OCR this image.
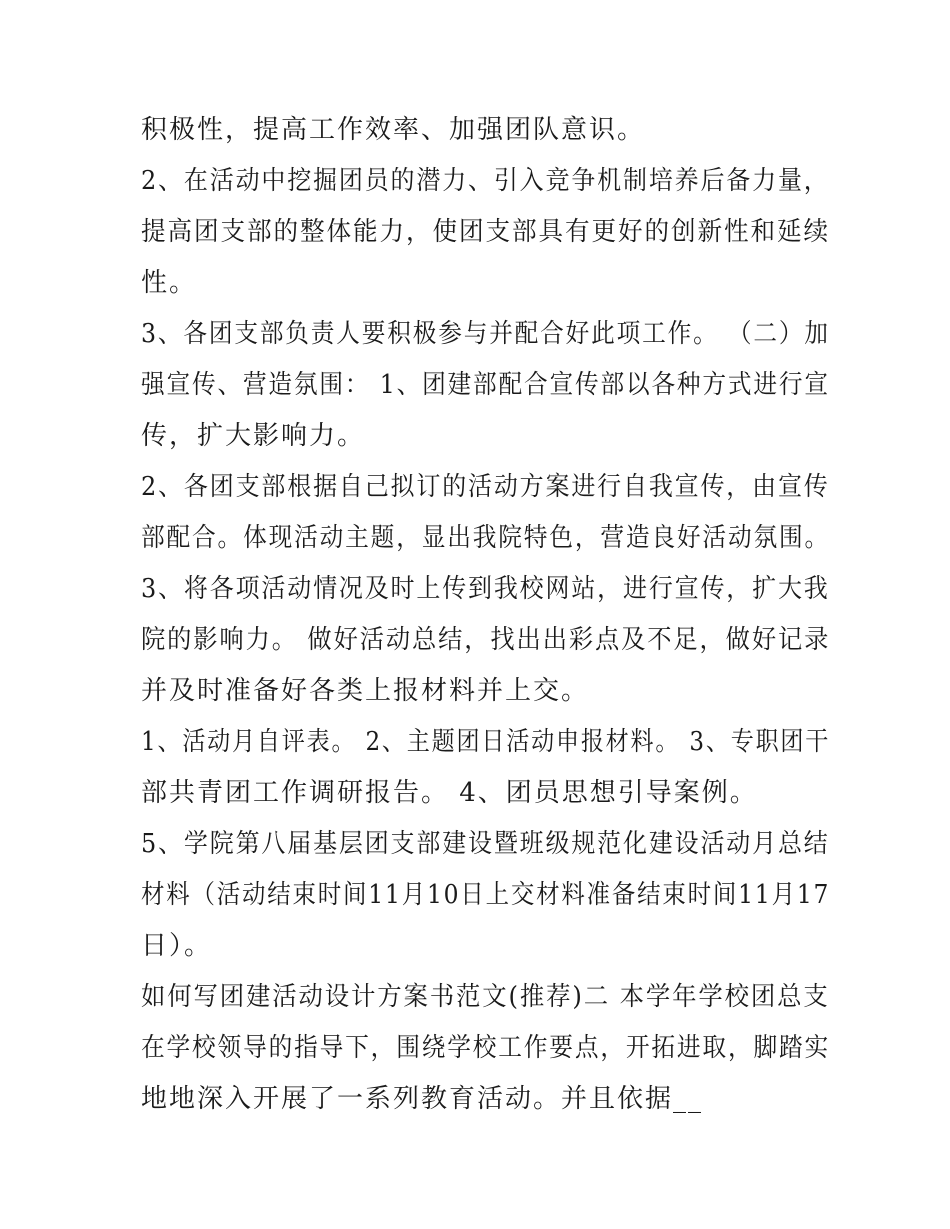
积极性，提高工作效率、加强团队意识。
2、在活动中挖掘团员的潜力、引入竞争机制培养后备力量，
提高团支部的整体能力，使团支部具有更好的创新性和延续
性。
3、各团支部负责人要积极参与并配合好此项工作。 （二）加
强宣传、营造氛围： 1、团建部配合宣传部以各种方式进行宣
传，扩大影响力。
2、各团支部根据自己拟订的活动方案进行自我宣传，由宣传
部配合。体现活动主题，显出我院特色，营造良好活动氛围。
3、将各项活动情况及时上传到我校网站，进行宣传，扩大我
院的影响力。 做好活动总结，找出出彩点及不足，做好记录
并及时准备好各类上报材料并上交。
1、活动月自评表。 2、主题团日活动申报材料。 3、专职团干
部共青团工作调研报告。 4、团员思想引导案例。
5、学院第八届基层团支部建设暨班级规范化建设活动月总结
材料（活动结束时间11月10日上交材料准备结束时间11月17
日）。
如何写团建活动设计方案书范文(推荐)二 本学年学校团总支
在学校领导的指导下，围绕学校工作要点，开拓进取，脚踏实
地地深入开展了一系列教育活动。并且依据__
